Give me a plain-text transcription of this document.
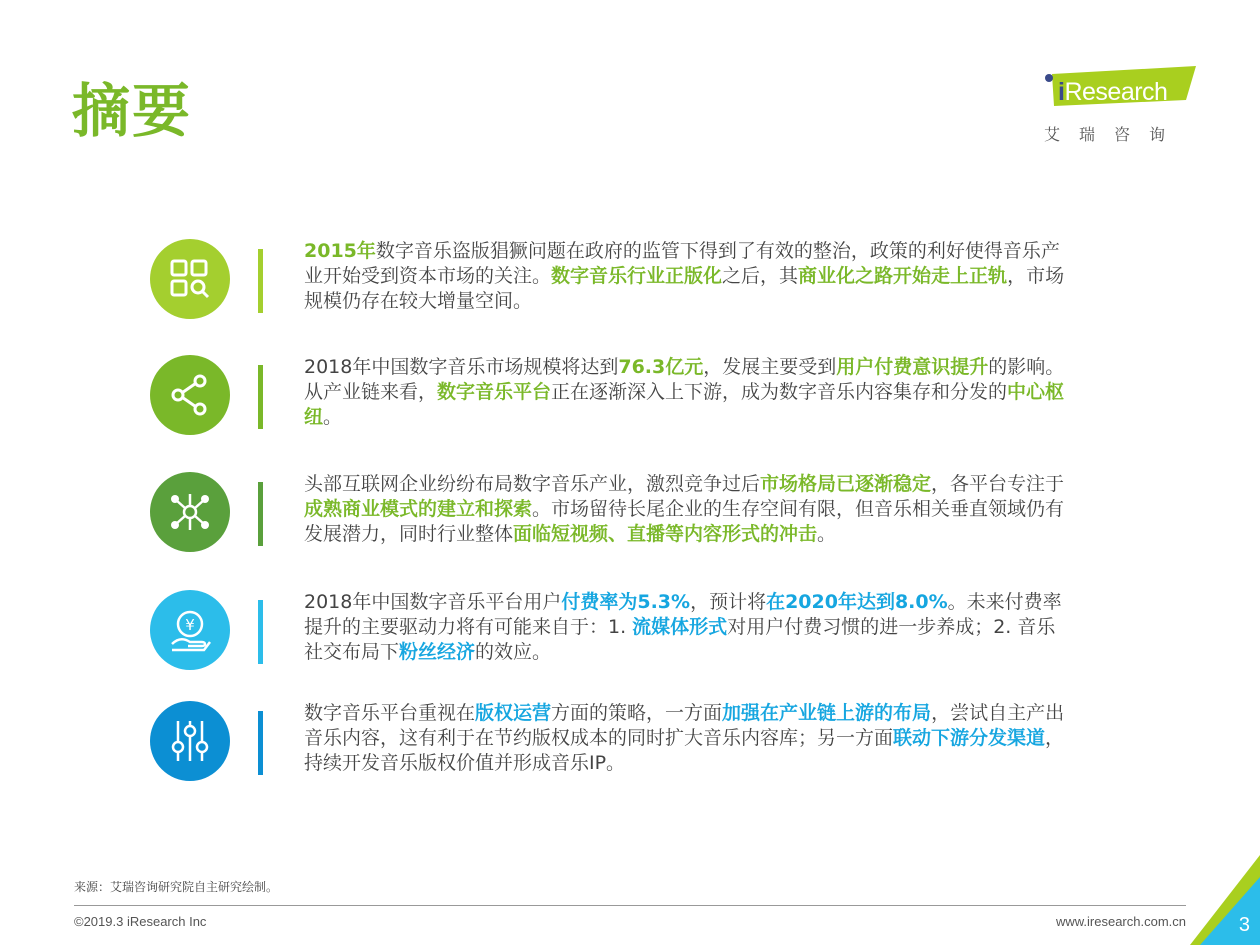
摘要	iResearch
艾瑞咨询

2015年数字音乐盗版猖獗问题在政府的监管下得到了有效的整治，政策的利好使得音乐产业开始受到资本市场的关注。数字音乐行业正版化之后，其商业化之路开始走上正轨，市场规模仍存在较大增量空间。

2018年中国数字音乐市场规模将达到76.3亿元，发展主要受到用户付费意识提升的影响。从产业链来看，数字音乐平台正在逐渐深入上下游，成为数字音乐内容集存和分发的中心枢纽。

头部互联网企业纷纷布局数字音乐产业，激烈竞争过后市场格局已逐渐稳定，各平台专注于成熟商业模式的建立和探索。市场留待长尾企业的生存空间有限，但音乐相关垂直领域仍有发展潜力，同时行业整体面临短视频、直播等内容形式的冲击。

¥

2018年中国数字音乐平台用户付费率为5.3%，预计将在2020年达到8.0%。未来付费率提升的主要驱动力将有可能来自于：1. 流媒体形式对用户付费习惯的进一步养成；2. 音乐社交布局下粉丝经济的效应。

数字音乐平台重视在版权运营方面的策略，一方面加强在产业链上游的布局，尝试自主产出音乐内容，这有利于在节约版权成本的同时扩大音乐内容库；另一方面联动下游分发渠道，持续开发音乐版权价值并形成音乐IP。

来源：艾瑞咨询研究院自主研究绘制。
©2019.3 iResearch Inc	www.iresearch.com.cn	3
